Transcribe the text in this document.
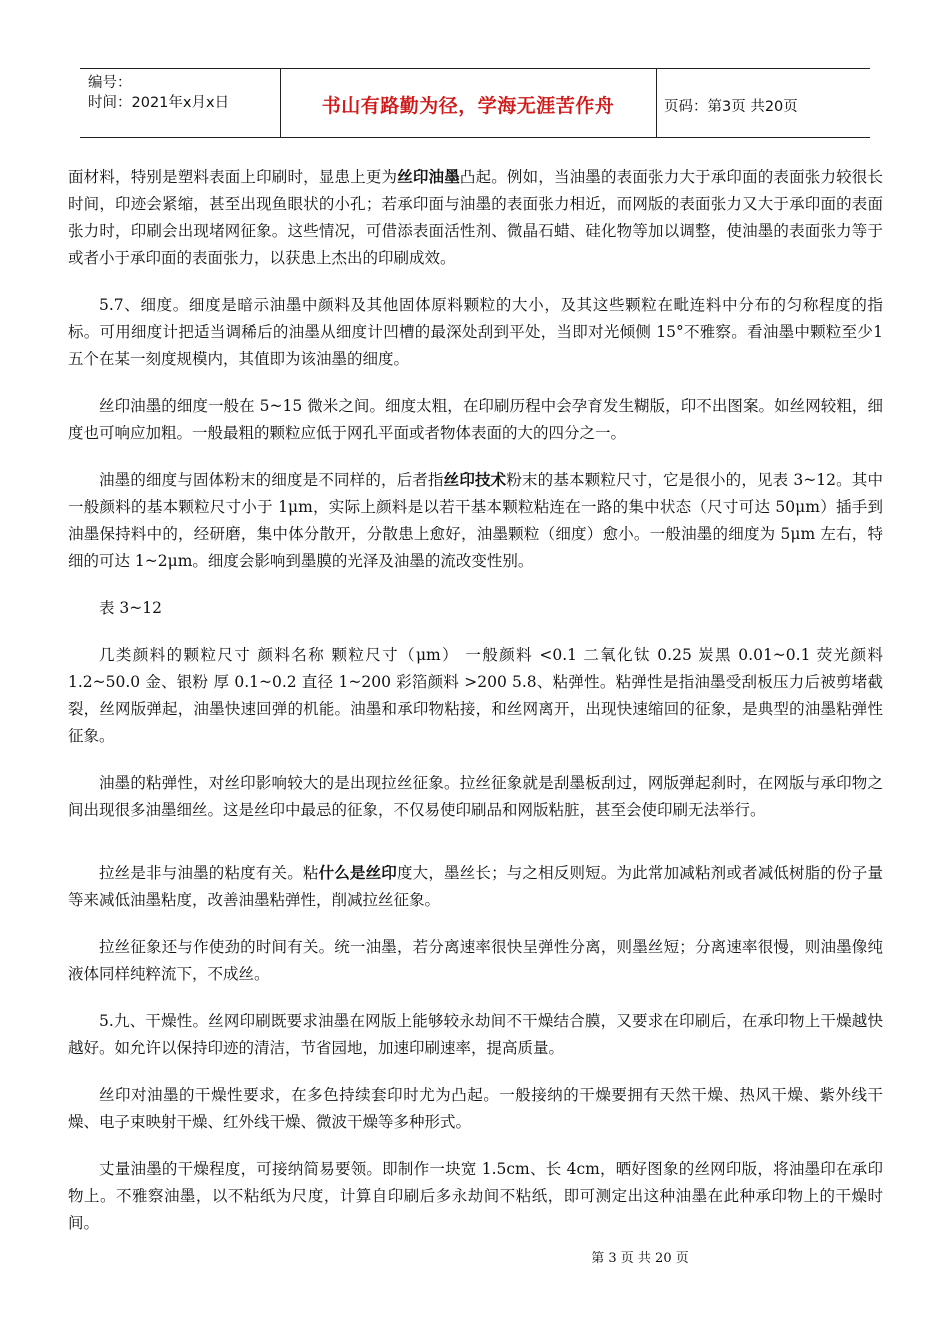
编号：
时间：2021年x月x日	书山有路勤为径，学海无涯苦作舟	页码：第3页 共20页

面材料，特别是塑料表面上印刷时，显患上更为丝印油墨凸起。例如，当油墨的表面张力大于承印面的表面张力较很长时间，印迹会紧缩，甚至出现鱼眼状的小孔；若承印面与油墨的表面张力相近，而网版的表面张力又大于承印面的表面张力时，印刷会出现堵网征象。这些情况，可借添表面活性剂、微晶石蜡、硅化物等加以调整，使油墨的表面张力等于或者小于承印面的表面张力，以获患上杰出的印刷成效。

5.7、细度。细度是暗示油墨中颜料及其他固体原料颗粒的大小，及其这些颗粒在毗连料中分布的匀称程度的指标。可用细度计把适当调稀后的油墨从细度计凹槽的最深处刮到平处，当即对光倾侧 15°不雅察。看油墨中颗粒至少1五个在某一刻度规模内，其值即为该油墨的细度。

丝印油墨的细度一般在 5~15 微米之间。细度太粗，在印刷历程中会孕育发生糊版，印不出图案。如丝网较粗，细度也可响应加粗。一般最粗的颗粒应低于网孔平面或者物体表面的大的四分之一。

油墨的细度与固体粉末的细度是不同样的，后者指丝印技术粉末的基本颗粒尺寸，它是很小的，见表 3~12。其中一般颜料的基本颗粒尺寸小于 1μm，实际上颜料是以若干基本颗粒粘连在一路的集中状态（尺寸可达 50μm）插手到油墨保持料中的，经研磨，集中体分散开，分散患上愈好，油墨颗粒（细度）愈小。一般油墨的细度为 5μm 左右，特细的可达 1~2μm。细度会影响到墨膜的光泽及油墨的流改变性别。

表 3~12

几类颜料的颗粒尺寸 颜料名称 颗粒尺寸（μm） 一般颜料 <0.1 二氧化钛 0.25 炭黑 0.01~0.1 荧光颜料 1.2~50.0 金、银粉 厚 0.1~0.2 直径 1~200 彩箔颜料 >200 5.8、粘弹性。粘弹性是指油墨受刮板压力后被剪堵截裂，丝网版弹起，油墨快速回弹的机能。油墨和承印物粘接，和丝网离开，出现快速缩回的征象，是典型的油墨粘弹性征象。

油墨的粘弹性，对丝印影响较大的是出现拉丝征象。拉丝征象就是刮墨板刮过，网版弹起刹时，在网版与承印物之间出现很多油墨细丝。这是丝印中最忌的征象，不仅易使印刷品和网版粘脏，甚至会使印刷无法举行。

拉丝是非与油墨的粘度有关。粘什么是丝印度大，墨丝长；与之相反则短。为此常加减粘剂或者减低树脂的份子量等来减低油墨粘度，改善油墨粘弹性，削减拉丝征象。

拉丝征象还与作使劲的时间有关。统一油墨，若分离速率很快呈弹性分离，则墨丝短；分离速率很慢，则油墨像纯液体同样纯粹流下，不成丝。

5.九、干燥性。丝网印刷既要求油墨在网版上能够较永劫间不干燥结合膜，又要求在印刷后，在承印物上干燥越快越好。如允许以保持印迹的清洁，节省园地，加速印刷速率，提高质量。

丝印对油墨的干燥性要求，在多色持续套印时尤为凸起。一般接纳的干燥要拥有天然干燥、热风干燥、紫外线干燥、电子束映射干燥、红外线干燥、微波干燥等多种形式。

丈量油墨的干燥程度，可接纳简易要领。即制作一块宽 1.5cm、长 4cm，晒好图象的丝网印版，将油墨印在承印物上。不雅察油墨，以不粘纸为尺度，计算自印刷后多永劫间不粘纸，即可测定出这种油墨在此种承印物上的干燥时间。

第 3 页 共 20 页
